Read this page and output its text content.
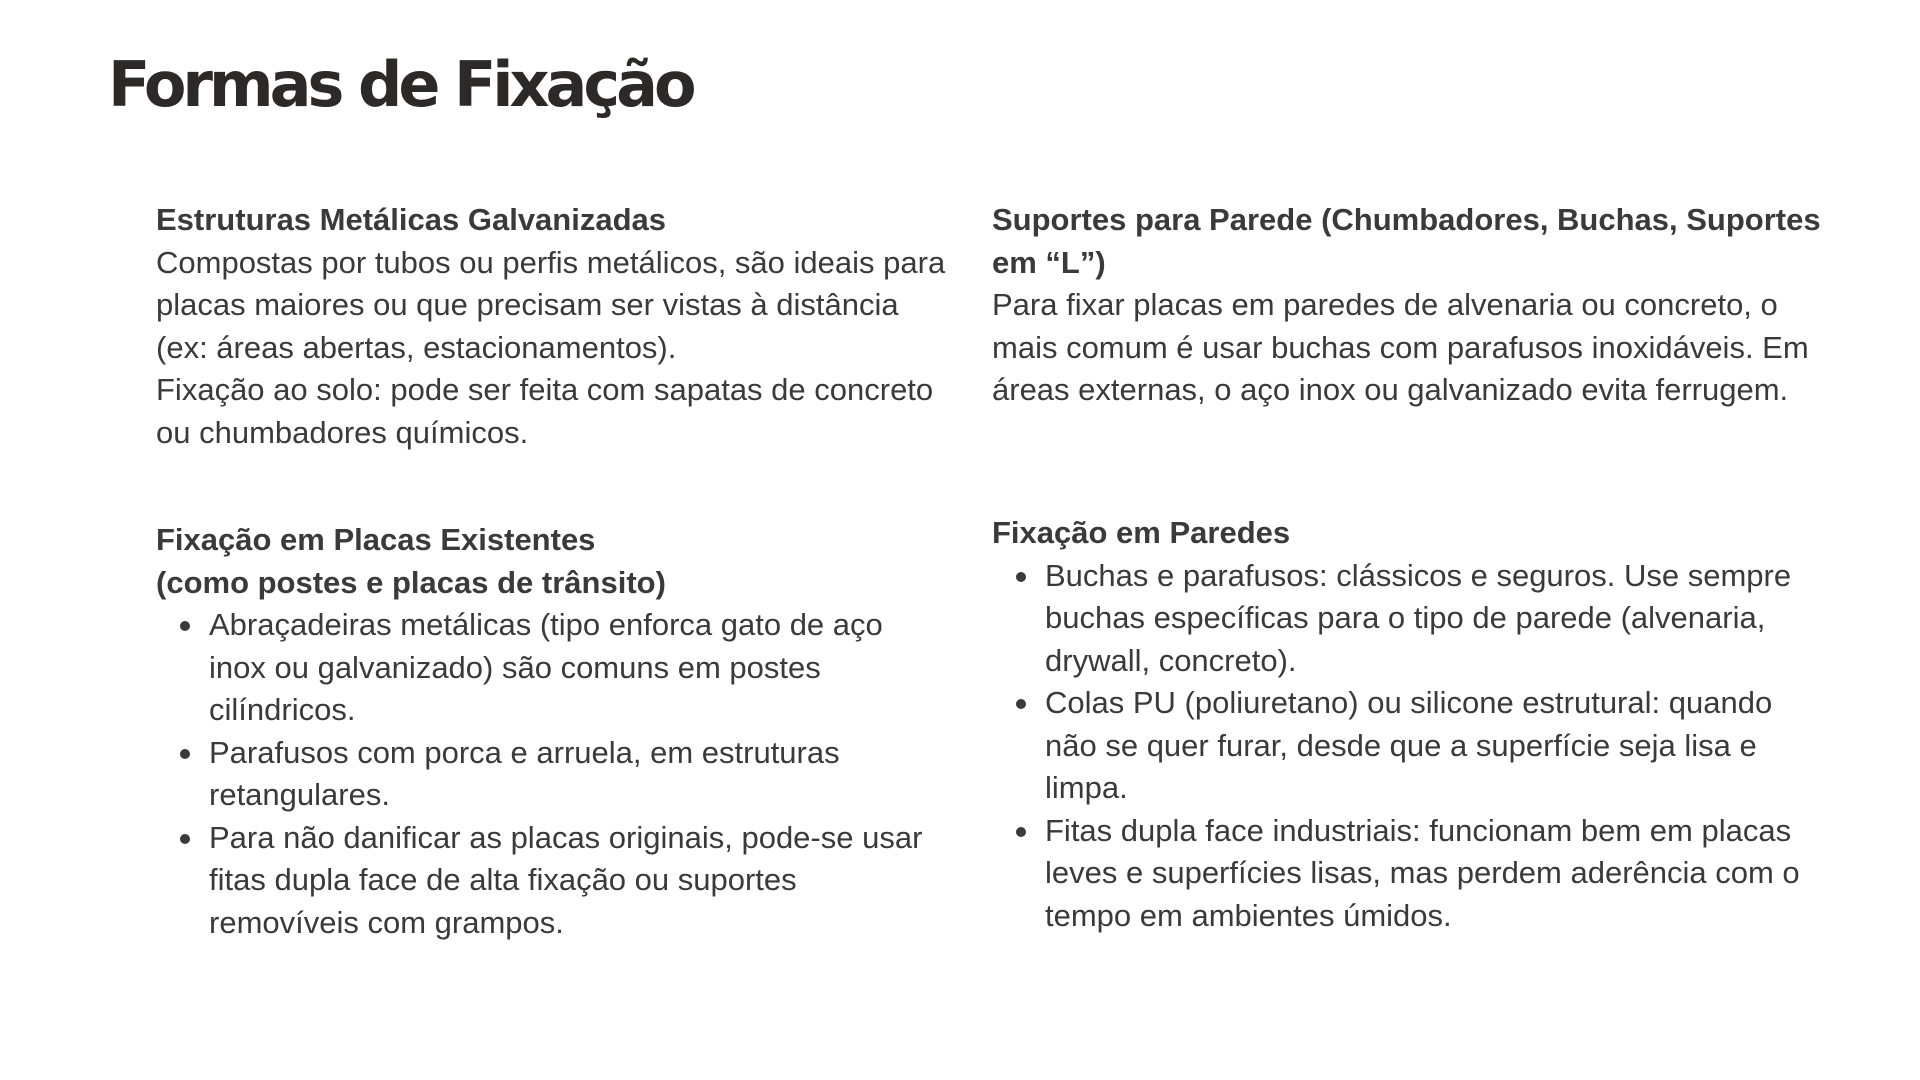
Formas de Fixação
Estruturas Metálicas Galvanizadas

Compostas por tubos ou perfis metálicos, são ideais para placas maiores ou que precisam ser vistas à distância (ex: áreas abertas, estacionamentos).

Fixação ao solo: pode ser feita com sapatas de concreto ou chumbadores químicos.

Suportes para Parede (Chumbadores, Buchas, Suportes em “L”)

Para fixar placas em paredes de alvenaria ou concreto, o mais comum é usar buchas com parafusos inoxidáveis. Em áreas externas, o aço inox ou galvanizado evita ferrugem.

Fixação em Placas Existentes
(como postes e placas de trânsito)
Abraçadeiras metálicas (tipo enforca gato de aço inox ou galvanizado) são comuns em postes cilíndricos.
Parafusos com porca e arruela, em estruturas retangulares.
Para não danificar as placas originais, pode-se usar fitas dupla face de alta fixação ou suportes removíveis com grampos.
Fixação em Paredes
Buchas e parafusos: clássicos e seguros. Use sempre buchas específicas para o tipo de parede (alvenaria, drywall, concreto).
Colas PU (poliuretano) ou silicone estrutural: quando não se quer furar, desde que a superfície seja lisa e limpa.
Fitas dupla face industriais: funcionam bem em placas leves e superfícies lisas, mas perdem aderência com o tempo em ambientes úmidos.
